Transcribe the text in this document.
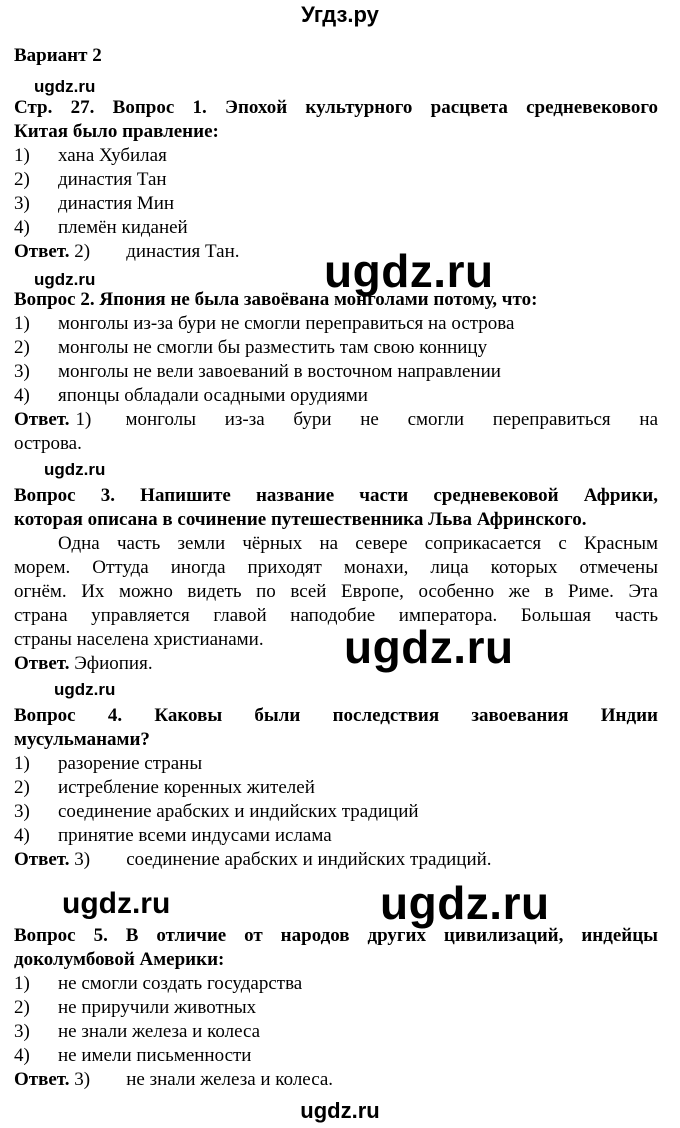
Угдз.ру
Вариант 2
ugdz.ru
Стр. 27. Вопрос 1. Эпохой культурного расцвета средневекового
Китая было правление:
1) хана Хубилая
2) династия Тан
3) династия Мин
4) племён киданей
Ответ. 2) династия Тан.	ugdz.ru
ugdz.ru
Вопрос 2. Япония не была завоёвана монголами потому, что:
1) монголы из-за бури не смогли переправиться на острова
2) монголы не смогли бы разместить там свою конницу
3) монголы не вели завоеваний в восточном направлении
4) японцы обладали осадными орудиями
Ответ. 1)	монголы из-за бури не смогли переправиться на
острова.
ugdz.ru
Вопрос 3. Напишите название части средневековой Африки,
которая описана в сочинение путешественника Льва Афринского.
Одна часть земли чёрных на севере соприкасается с Красным
морем. Оттуда иногда приходят монахи, лица которых отмечены
огнём. Их можно видеть по всей Европе, особенно же в Риме. Эта
страна управляется главой наподобие императора. Большая часть
страны населена христианами. ugdz.ru
Ответ. Эфиопия.
ugdz.ru
Вопрос 4. Каковы были последствия завоевания Индии
мусульманами?
1) разорение страны
2) истребление коренных жителей
3) соединение арабских и индийских традиций
4) принятие всеми индусами ислама
Ответ. 3) соединение арабских и индийских традиций.
ugdz.ru	ugdz.ru
Вопрос 5. В отличие от народов других цивилизаций, индейцы
доколумбовой Америки:
1) не смогли создать государства
2) не приручили животных
3) не знали железа и колеса
4) не имели письменности
Ответ. 3) не знали железа и колеса.
ugdz.ru
